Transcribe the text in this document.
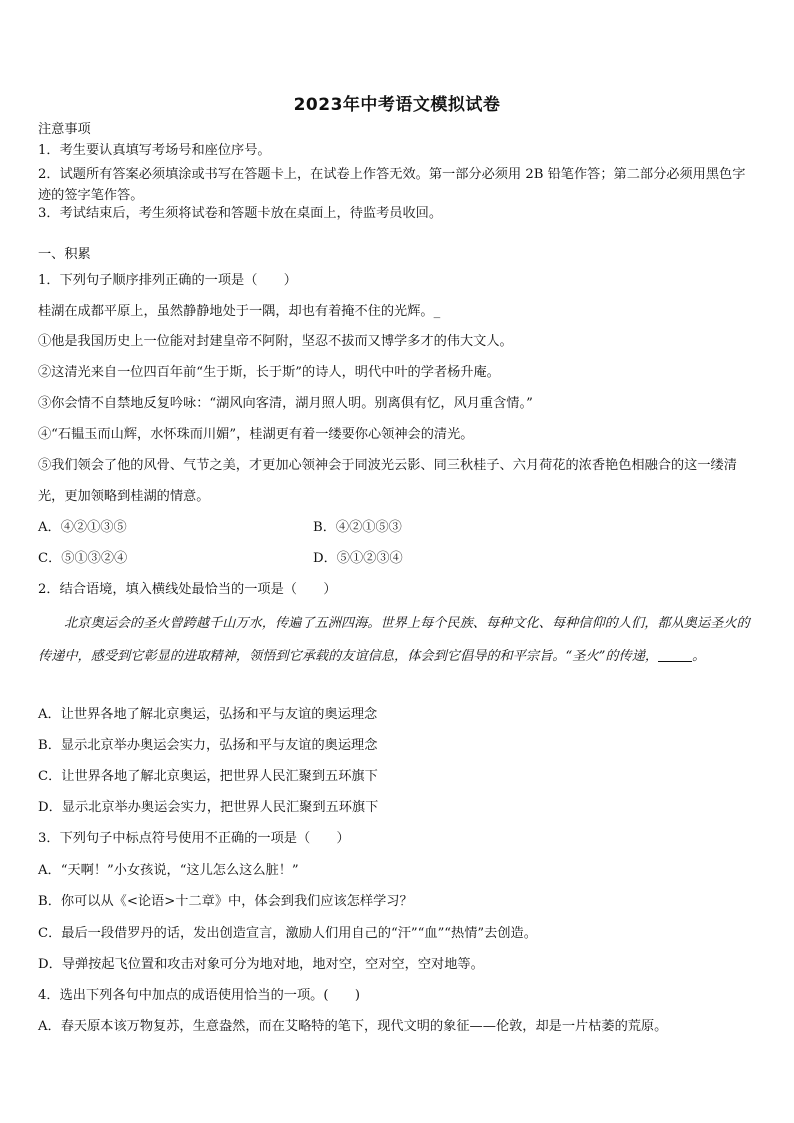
2023年中考语文模拟试卷
注意事项
1．考生要认真填写考场号和座位序号。
2．试题所有答案必须填涂或书写在答题卡上，在试卷上作答无效。第一部分必须用 2B 铅笔作答；第二部分必须用黑色字迹的签字笔作答。
3．考试结束后，考生须将试卷和答题卡放在桌面上，待监考员收回。
一、积累
1．下列句子顺序排列正确的一项是（　　）
桂湖在成都平原上，虽然静静地处于一隅，却也有着掩不住的光辉。_
①他是我国历史上一位能对封建皇帝不阿附，坚忍不拔而又博学多才的伟大文人。
②这清光来自一位四百年前“生于斯，长于斯”的诗人，明代中叶的学者杨升庵。
③你会情不自禁地反复吟咏：“湖风向客清，湖月照人明。别离俱有忆，风月重含情。”
④“石韫玉而山辉，水怀珠而川媚”，桂湖更有着一缕要你心领神会的清光。
⑤我们领会了他的风骨、气节之美，才更加心领神会于同波光云影、同三秋桂子、六月荷花的浓香艳色相融合的这一缕清光，更加领略到桂湖的情意。
A．④②①③⑤	B．④②①⑤③
C．⑤①③②④	D．⑤①②③④
2．结合语境，填入横线处最恰当的一项是（　　）
北京奥运会的圣火曾跨越千山万水，传遍了五洲四海。世界上每个民族、每种文化、每种信仰的人们，都从奥运圣火的传递中，感受到它彰显的进取精神，领悟到它承载的友谊信息，体会到它倡导的和平宗旨。“圣火”的传递，	。
A．让世界各地了解北京奥运，弘扬和平与友谊的奥运理念
B．显示北京举办奥运会实力，弘扬和平与友谊的奥运理念
C．让世界各地了解北京奥运，把世界人民汇聚到五环旗下
D．显示北京举办奥运会实力，把世界人民汇聚到五环旗下
3．下列句子中标点符号使用不正确的一项是（　　）
A．“天啊！”小女孩说，“这儿怎么这么脏！”
B．你可以从《<论语>十二章》中，体会到我们应该怎样学习？
C．最后一段借罗丹的话，发出创造宣言，激励人们用自己的“汗”“血”“热情”去创造。
D．导弹按起飞位置和攻击对象可分为地对地，地对空，空对空，空对地等。
4．选出下列各句中加点的成语使用恰当的一项。(　　)
A．春天原本该万物复苏，生意盎然，而在艾略特的笔下，现代文明的象征——伦敦，却是一片枯萎的荒原。
